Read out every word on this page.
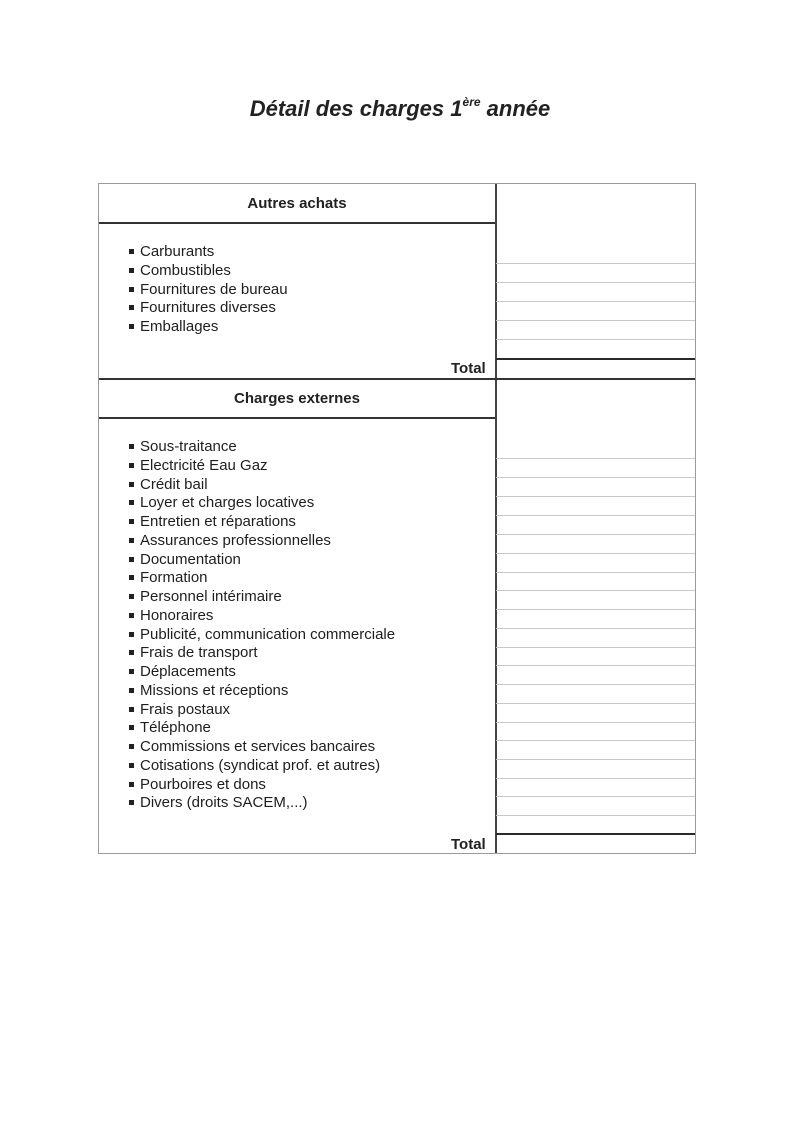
Détail des charges 1ère année
Autres achats
Carburants
Combustibles
Fournitures de bureau
Fournitures diverses
Emballages
Total
Charges externes
Sous-traitance
Electricité Eau Gaz
Crédit bail
Loyer et charges locatives
Entretien et réparations
Assurances professionnelles
Documentation
Formation
Personnel intérimaire
Honoraires
Publicité, communication commerciale
Frais de transport
Déplacements
Missions et réceptions
Frais postaux
Téléphone
Commissions et services bancaires
Cotisations (syndicat prof. et autres)
Pourboires et dons
Divers (droits SACEM,...)
Total
